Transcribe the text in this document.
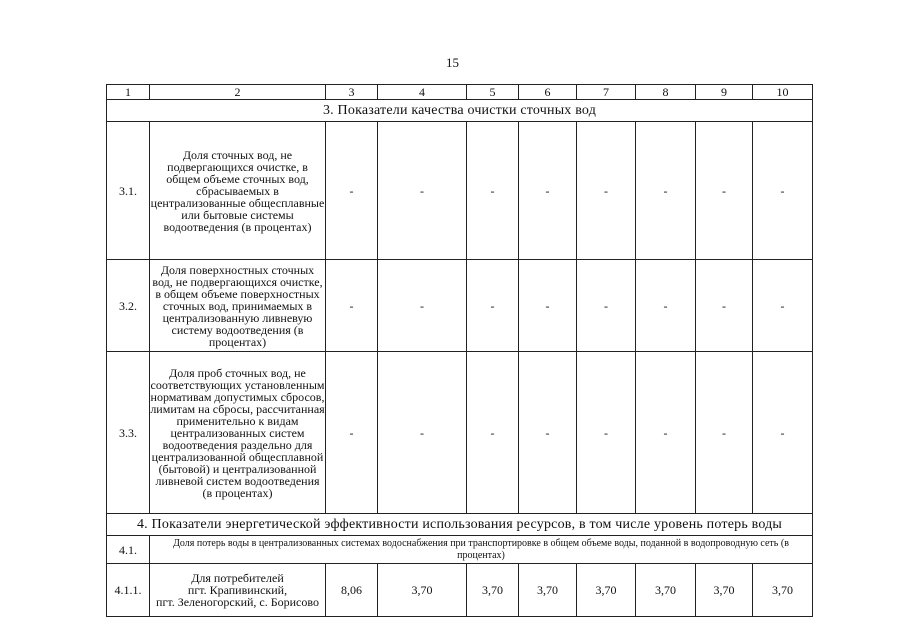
15
1	2	3	4	5	6	7	8	9	10
3. Показатели качества очистки сточных вод									
3.1.	Доля сточных вод, не подвергающихся очистке, в общем объеме сточных вод, сбрасываемых в централизованные общесплавные или бытовые системы водоотведения (в процентах)	-	-	-	-	-	-	-	-
3.2.	Доля поверхностных сточных вод, не подвергающихся очистке, в общем объеме поверхностных сточных вод, принимаемых в централизованную ливневую систему водоотведения (в процентах)	-	-	-	-	-	-	-	-
3.3.	Доля проб сточных вод, не соответствующих установленным нормативам допустимых сбросов, лимитам на сбросы, рассчитанная применительно к видам централизованных систем водоотведения раздельно для централизованной общесплавной (бытовой) и централизованной ливневой систем водоотведения (в процентах)	-	-	-	-	-	-	-	-
4. Показатели энергетической эффективности использования ресурсов, в том числе уровень потерь воды									
4.1.	Доля потерь воды в централизованных системах водоснабжения при транспортировке в общем объеме воды, поданной в водопроводную сеть (в процентах)								
4.1.1.	Для потребителей
пгт. Крапивинский,
пгт. Зеленогорский, с. Борисово	8,06	3,70	3,70	3,70	3,70	3,70	3,70	3,70
